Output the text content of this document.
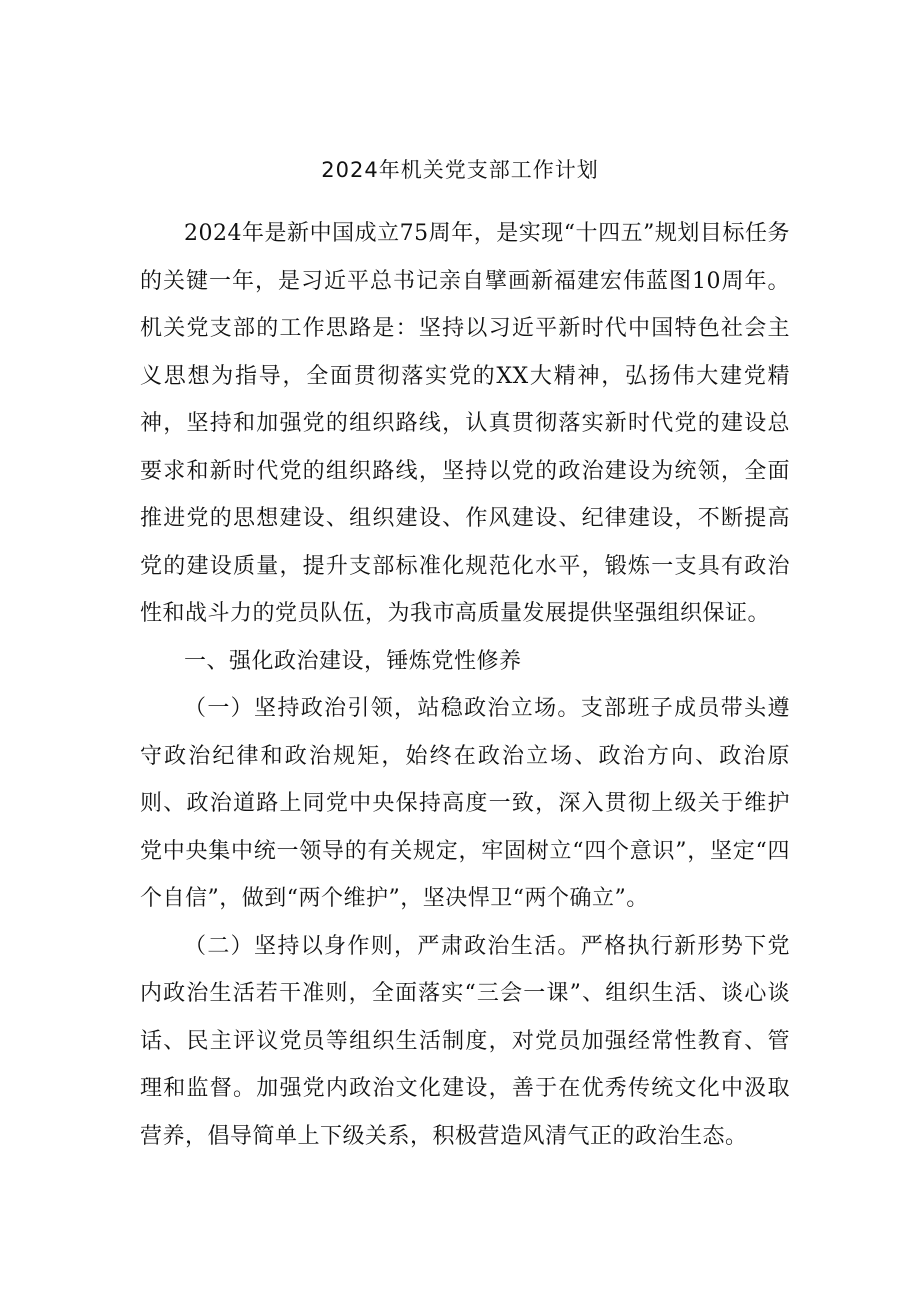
2024年机关党支部工作计划

2024年是新中国成立75周年，是实现“十四五”规划目标任务的关键一年，是习近平总书记亲自擘画新福建宏伟蓝图10周年。机关党支部的工作思路是：坚持以习近平新时代中国特色社会主义思想为指导，全面贯彻落实党的XX大精神，弘扬伟大建党精神，坚持和加强党的组织路线，认真贯彻落实新时代党的建设总要求和新时代党的组织路线，坚持以党的政治建设为统领，全面推进党的思想建设、组织建设、作风建设、纪律建设，不断提高党的建设质量，提升支部标准化规范化水平，锻炼一支具有政治性和战斗力的党员队伍，为我市高质量发展提供坚强组织保证。

一、强化政治建设，锤炼党性修养

（一）坚持政治引领，站稳政治立场。支部班子成员带头遵守政治纪律和政治规矩，始终在政治立场、政治方向、政治原则、政治道路上同党中央保持高度一致，深入贯彻上级关于维护党中央集中统一领导的有关规定，牢固树立“四个意识”，坚定“四个自信”，做到“两个维护”，坚决悍卫“两个确立”。

（二）坚持以身作则，严肃政治生活。严格执行新形势下党内政治生活若干准则，全面落实“三会一课”、组织生活、谈心谈话、民主评议党员等组织生活制度，对党员加强经常性教育、管理和监督。加强党内政治文化建设，善于在优秀传统文化中汲取营养，倡导简单上下级关系，积极营造风清气正的政治生态。
